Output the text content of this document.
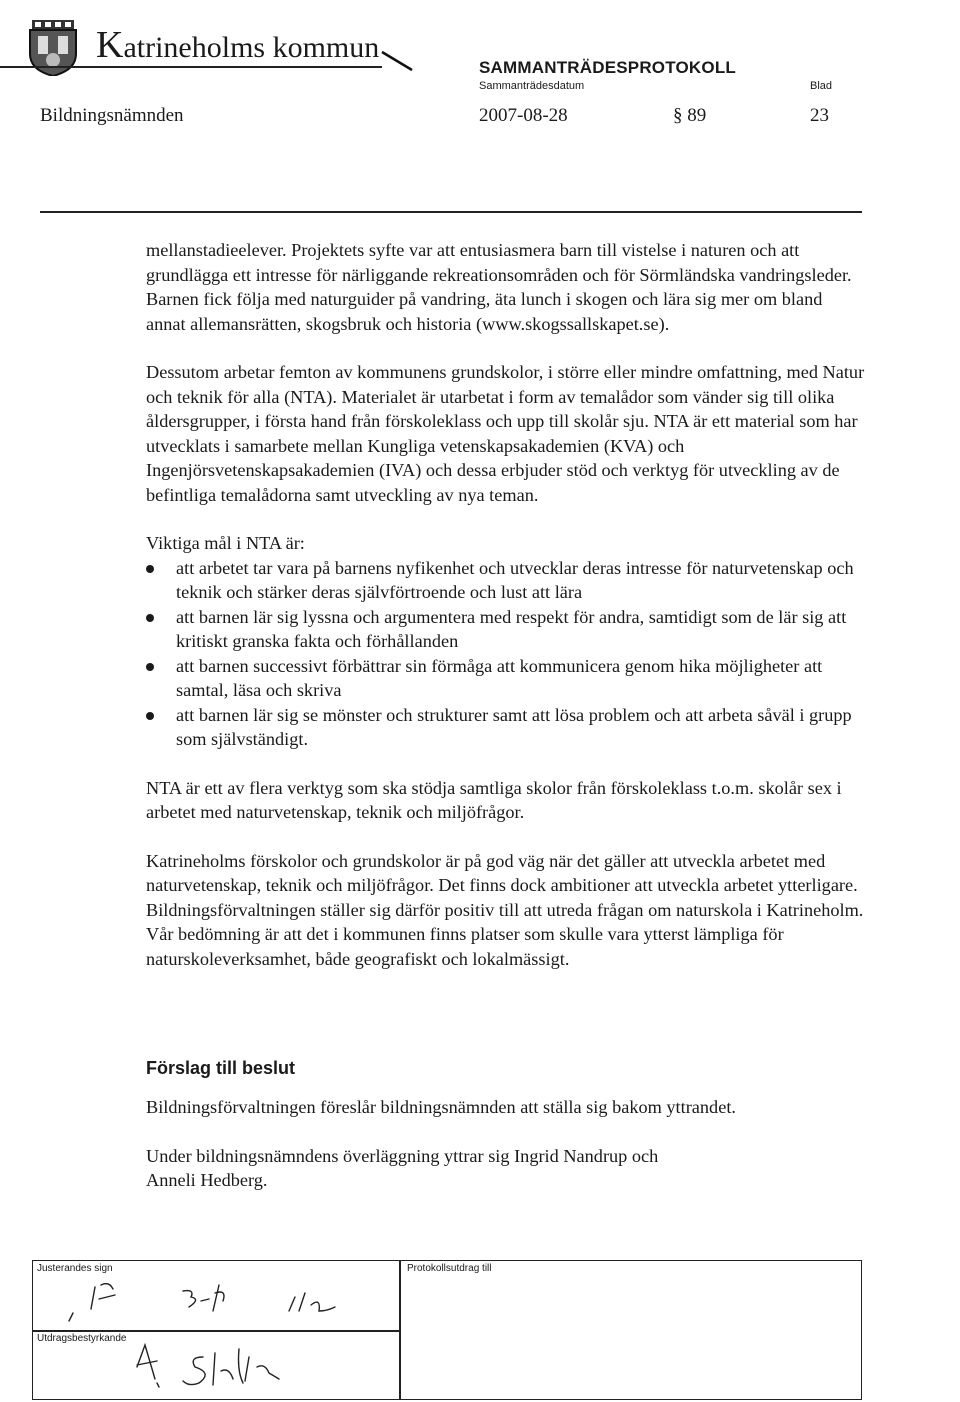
Katrineholms kommun
SAMMANTRÄDESPROTOKOLL
Sammanträdesdatum	Blad
Bildningsnämnden	2007-08-28	§ 89	23

mellanstadieelever. Projektets syfte var att entusiasmera barn till vistelse i naturen och att grundlägga ett intresse för närliggande rekreationsområden och för Sörmländska vandringsleder. Barnen fick följa med naturguider på vandring, äta lunch i skogen och lära sig mer om bland annat allemansrätten, skogsbruk och historia (www.skogssallskapet.se).

Dessutom arbetar femton av kommunens grundskolor, i större eller mindre omfattning, med Natur och teknik för alla (NTA). Materialet är utarbetat i form av temalådor som vänder sig till olika åldersgrupper, i första hand från förskoleklass och upp till skolår sju. NTA är ett material som har utvecklats i samarbete mellan Kungliga vetenskapsakademien (KVA) och Ingenjörsvetenskapsakademien (IVA) och dessa erbjuder stöd och verktyg för utveckling av de befintliga temalådorna samt utveckling av nya teman.

Viktiga mål i NTA är:

att arbetet tar vara på barnens nyfikenhet och utvecklar deras intresse för naturvetenskap och teknik och stärker deras självförtroende och lust att lära
att barnen lär sig lyssna och argumentera med respekt för andra, samtidigt som de lär sig att kritiskt granska fakta och förhållanden
att barnen successivt förbättrar sin förmåga att kommunicera genom hika möjligheter att samtal, läsa och skriva
att barnen lär sig se mönster och strukturer samt att lösa problem och att arbeta såväl i grupp som självständigt.

NTA är ett av flera verktyg som ska stödja samtliga skolor från förskoleklass t.o.m. skolår sex i arbetet med naturvetenskap, teknik och miljöfrågor.

Katrineholms förskolor och grundskolor är på god väg när det gäller att utveckla arbetet med naturvetenskap, teknik och miljöfrågor. Det finns dock ambitioner att utveckla arbetet ytterligare. Bildningsförvaltningen ställer sig därför positiv till att utreda frågan om naturskola i Katrineholm. Vår bedömning är att det i kommunen finns platser som skulle vara ytterst lämpliga för naturskoleverksamhet, både geografiskt och lokalmässigt.

Förslag till beslut

Bildningsförvaltningen föreslår bildningsnämnden att ställa sig bakom yttrandet.

Under bildningsnämndens överläggning yttrar sig Ingrid Nandrup och
Anneli Hedberg.

Justerandes sign
Utdragsbestyrkande
Protokollsutdrag till
